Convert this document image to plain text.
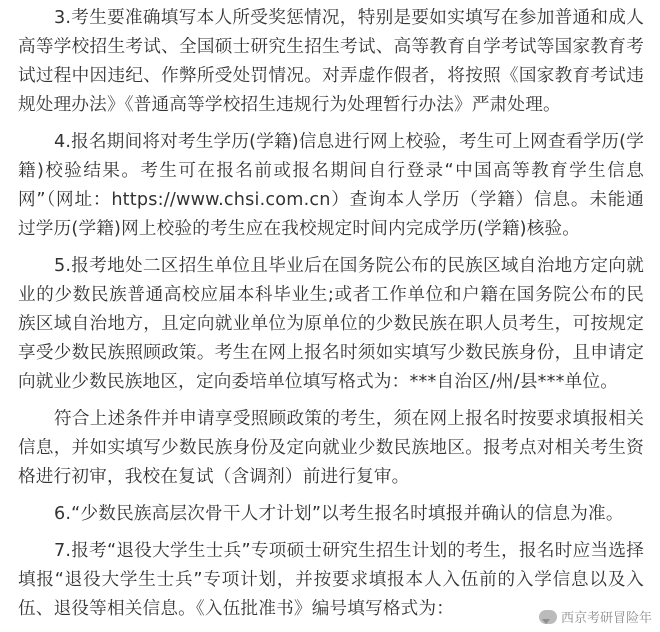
3.考生要准确填写本人所受奖惩情况，特别是要如实填写在参加普通和成人高等学校招生考试、全国硕士研究生招生考试、高等教育自学考试等国家教育考试过程中因违纪、作弊所受处罚情况。对弄虚作假者，将按照《国家教育考试违规处理办法》《普通高等学校招生违规行为处理暂行办法》严肃处理。

4.报名期间将对考生学历(学籍)信息进行网上校验，考生可上网查看学历(学籍)校验结果。考生可在报名前或报名期间自行登录“中国高等教育学生信息网”（网址：https://www.chsi.com.cn）查询本人学历（学籍）信息。未能通过学历(学籍)网上校验的考生应在我校规定时间内完成学历(学籍)核验。

5.报考地处二区招生单位且毕业后在国务院公布的民族区域自治地方定向就业的少数民族普通高校应届本科毕业生;或者工作单位和户籍在国务院公布的民族区域自治地方，且定向就业单位为原单位的少数民族在职人员考生，可按规定享受少数民族照顾政策。考生在网上报名时须如实填写少数民族身份，且申请定向就业少数民族地区，定向委培单位填写格式为：***自治区/州/县***单位。

符合上述条件并申请享受照顾政策的考生，须在网上报名时按要求填报相关信息，并如实填写少数民族身份及定向就业少数民族地区。报考点对相关考生资格进行初审，我校在复试（含调剂）前进行复审。

6.“少数民族高层次骨干人才计划”以考生报名时填报并确认的信息为准。

7.报考“退役大学生士兵”专项硕士研究生招生计划的考生，报名时应当选择填报“退役大学生士兵”专项计划，并按要求填报本人入伍前的入学信息以及入伍、退役等相关信息。《入伍批准书》编号填写格式为：	西京考研冒险年
